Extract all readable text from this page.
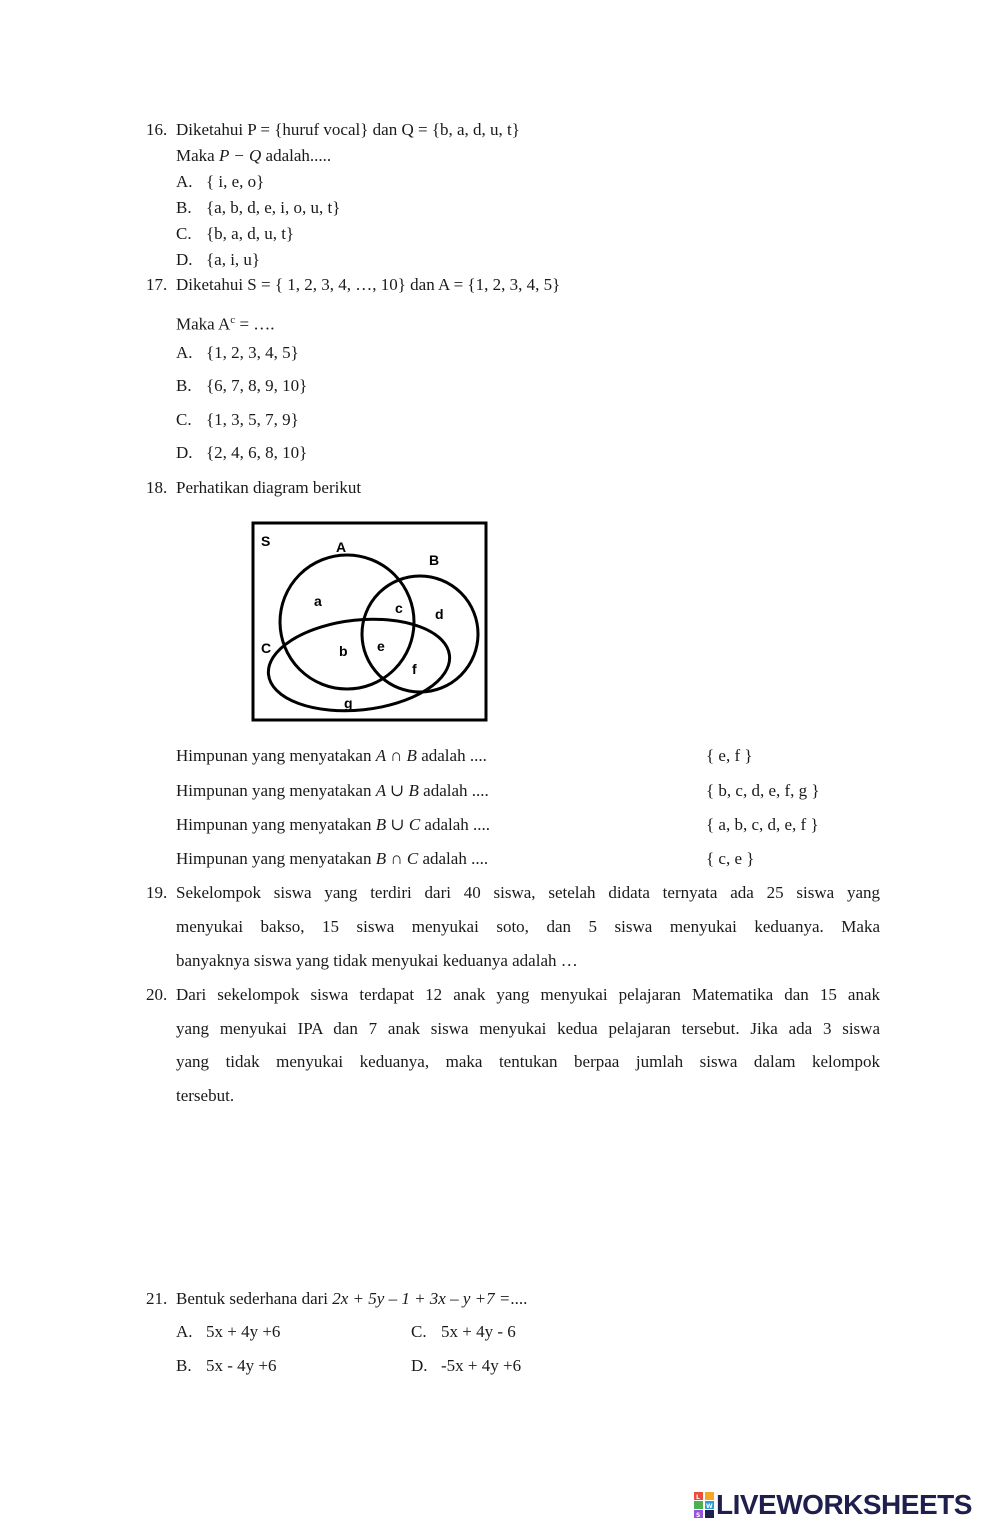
16. Diketahui P = {huruf vocal} dan Q = {b, a, d, u, t}
Maka P − Q adalah.....
A. { i, e, o}
B. {a, b, d, e, i, o, u, t}
C. {b, a, d, u, t}
D. {a, i, u}
17. Diketahui S = { 1, 2, 3, 4, …, 10} dan A = {1, 2, 3, 4, 5}
Maka $A^c$ = ….
A. {1, 2, 3, 4, 5}
B. {6, 7, 8, 9, 10}
C. {1, 3, 5, 7, 9}
D. {2, 4, 6, 8, 10}
18. Perhatikan diagram berikut
S	A
B
C
a	c d
b e
f
g
Himpunan yang menyatakan A ∩ B adalah ....	{ e, f }
Himpunan yang menyatakan A ∪ B adalah ....	{ b, c, d, e, f, g }
Himpunan yang menyatakan B ∪ C adalah ....	{ a, b, c, d, e, f }
Himpunan yang menyatakan B ∩ C adalah ....	{ c, e }
19. Sekelompok siswa yang terdiri dari 40 siswa, setelah didata ternyata ada 25 siswa yang
menyukai bakso, 15 siswa menyukai soto, dan 5 siswa menyukai keduanya. Maka
banyaknya siswa yang tidak menyukai keduanya adalah …
20. Dari sekelompok siswa terdapat 12 anak yang menyukai pelajaran Matematika dan 15 anak
yang menyukai IPA dan 7 anak siswa menyukai kedua pelajaran tersebut. Jika ada 3 siswa
yang tidak menyukai keduanya, maka tentukan berpaa jumlah siswa dalam kelompok
tersebut.
21. Bentuk sederhana dari 2x + 5y – 1 + 3x – y +7 =....
A. 5x + 4y +6	C. 5x + 4y - 6
B. 5x - 4y +6	D. -5x + 4y +6
L
W
S LIVEWORKSHEETS
